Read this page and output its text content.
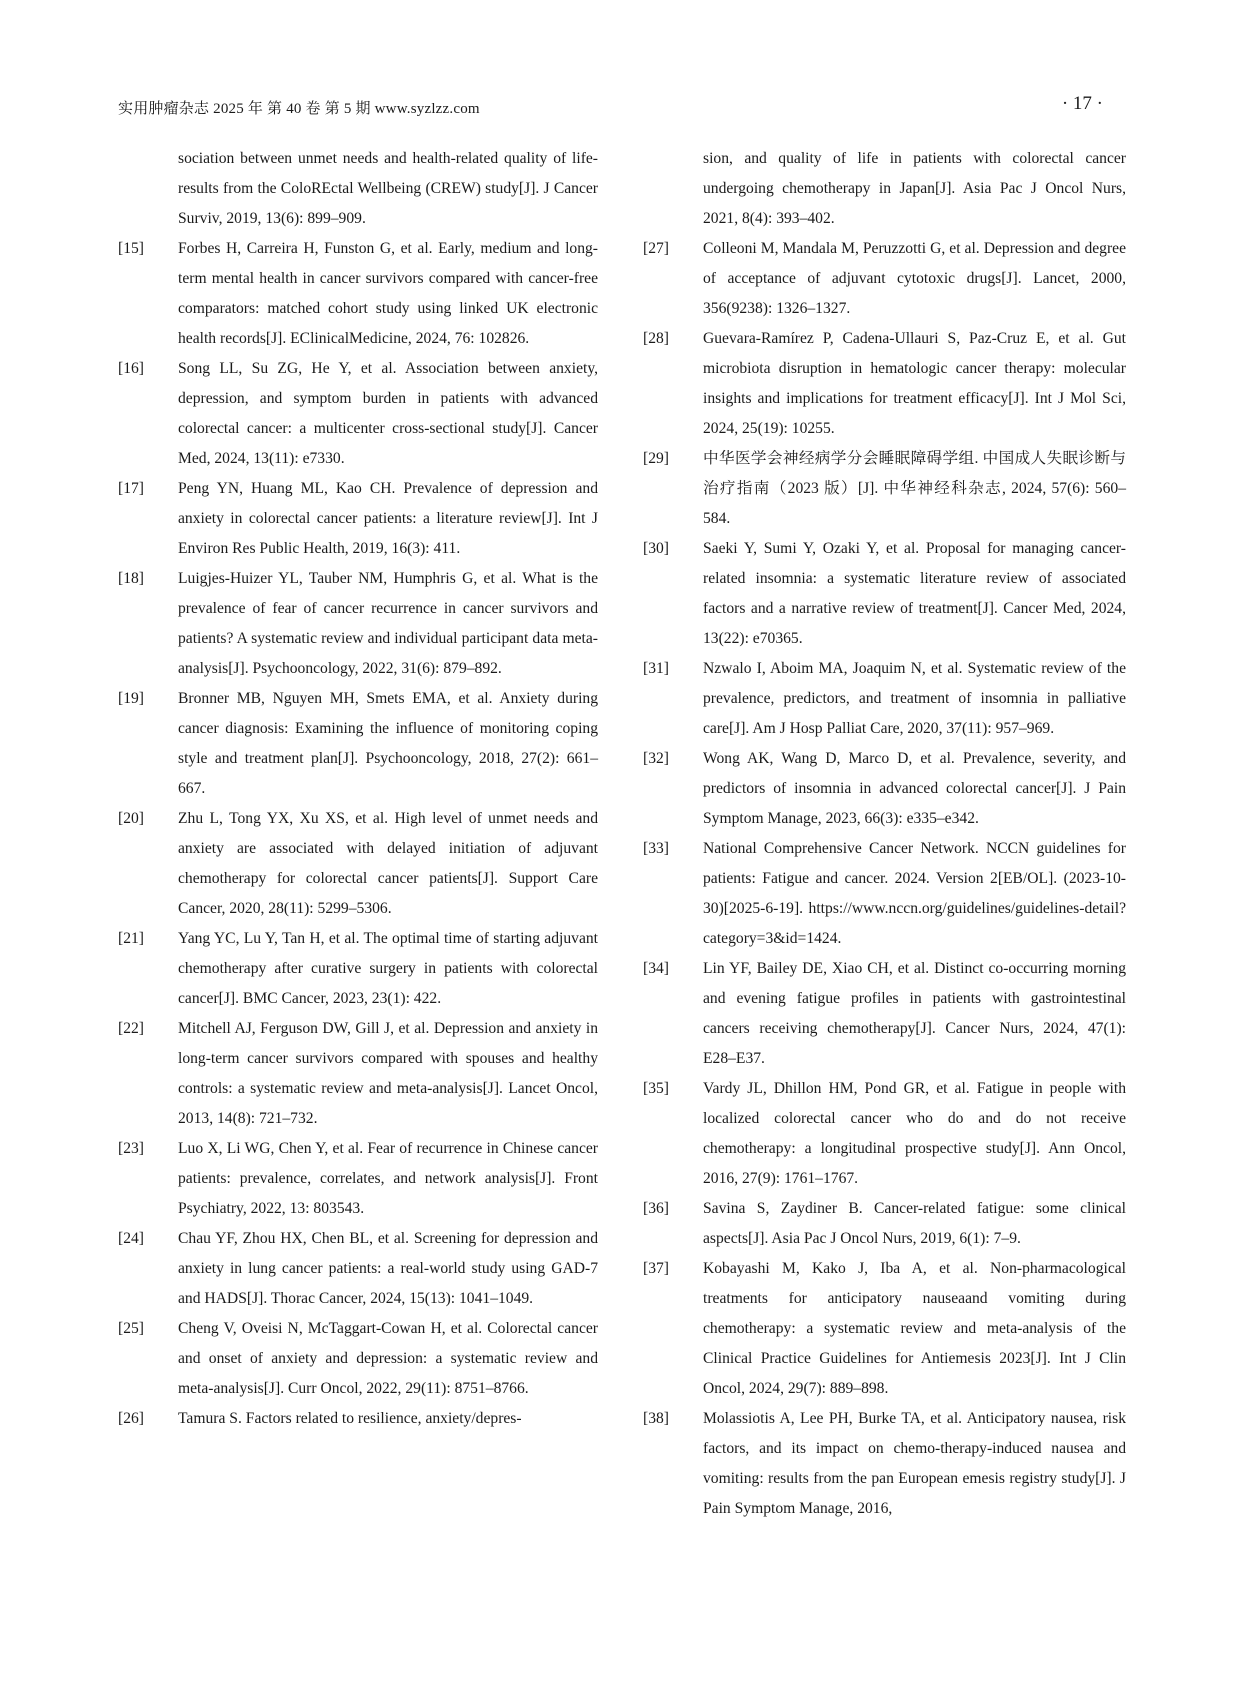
实用肿瘤杂志 2025 年 第 40 卷 第 5 期 www.syzlzz.com	· 17 ·
sociation between unmet needs and health-related quality of life-results from the ColoREctal Wellbeing (CREW) study[J]. J Cancer Surviv, 2019, 13(6): 899–909.
[15] Forbes H, Carreira H, Funston G, et al. Early, medium and long-term mental health in cancer survivors compared with cancer-free comparators: matched cohort study using linked UK electronic health records[J]. EClinicalMedicine, 2024, 76: 102826.
[16] Song LL, Su ZG, He Y, et al. Association between anxiety, depression, and symptom burden in patients with advanced colorectal cancer: a multicenter cross-sectional study[J]. Cancer Med, 2024, 13(11): e7330.
[17] Peng YN, Huang ML, Kao CH. Prevalence of depression and anxiety in colorectal cancer patients: a literature review[J]. Int J Environ Res Public Health, 2019, 16(3): 411.
[18] Luigjes-Huizer YL, Tauber NM, Humphris G, et al. What is the prevalence of fear of cancer recurrence in cancer survivors and patients? A systematic review and individual participant data meta-analysis[J]. Psychooncology, 2022, 31(6): 879–892.
[19] Bronner MB, Nguyen MH, Smets EMA, et al. Anxiety during cancer diagnosis: Examining the influence of monitoring coping style and treatment plan[J]. Psychooncology, 2018, 27(2): 661–667.
[20] Zhu L, Tong YX, Xu XS, et al. High level of unmet needs and anxiety are associated with delayed initiation of adjuvant chemotherapy for colorectal cancer patients[J]. Support Care Cancer, 2020, 28(11): 5299–5306.
[21] Yang YC, Lu Y, Tan H, et al. The optimal time of starting adjuvant chemotherapy after curative surgery in patients with colorectal cancer[J]. BMC Cancer, 2023, 23(1): 422.
[22] Mitchell AJ, Ferguson DW, Gill J, et al. Depression and anxiety in long-term cancer survivors compared with spouses and healthy controls: a systematic review and meta-analysis[J]. Lancet Oncol, 2013, 14(8): 721–732.
[23] Luo X, Li WG, Chen Y, et al. Fear of recurrence in Chinese cancer patients: prevalence, correlates, and network analysis[J]. Front Psychiatry, 2022, 13: 803543.
[24] Chau YF, Zhou HX, Chen BL, et al. Screening for depression and anxiety in lung cancer patients: a real-world study using GAD-7 and HADS[J]. Thorac Cancer, 2024, 15(13): 1041–1049.
[25] Cheng V, Oveisi N, McTaggart-Cowan H, et al. Colorectal cancer and onset of anxiety and depression: a systematic review and meta-analysis[J]. Curr Oncol, 2022, 29(11): 8751–8766.
[26] Tamura S. Factors related to resilience, anxiety/depres-
sion, and quality of life in patients with colorectal cancer undergoing chemotherapy in Japan[J]. Asia Pac J Oncol Nurs, 2021, 8(4): 393–402.
[27] Colleoni M, Mandala M, Peruzzotti G, et al. Depression and degree of acceptance of adjuvant cytotoxic drugs[J]. Lancet, 2000, 356(9238): 1326–1327.
[28] Guevara-Ramírez P, Cadena-Ullauri S, Paz-Cruz E, et al. Gut microbiota disruption in hematologic cancer therapy: molecular insights and implications for treatment efficacy[J]. Int J Mol Sci, 2024, 25(19): 10255.
[29] 中华医学会神经病学分会睡眠障碍学组. 中国成人失眠诊断与治疗指南（2023 版）[J]. 中华神经科杂志, 2024, 57(6): 560–584.
[30] Saeki Y, Sumi Y, Ozaki Y, et al. Proposal for managing cancer-related insomnia: a systematic literature review of associated factors and a narrative review of treatment[J]. Cancer Med, 2024, 13(22): e70365.
[31] Nzwalo I, Aboim MA, Joaquim N, et al. Systematic review of the prevalence, predictors, and treatment of insomnia in palliative care[J]. Am J Hosp Palliat Care, 2020, 37(11): 957–969.
[32] Wong AK, Wang D, Marco D, et al. Prevalence, severity, and predictors of insomnia in advanced colorectal cancer[J]. J Pain Symptom Manage, 2023, 66(3): e335–e342.
[33] National Comprehensive Cancer Network. NCCN guidelines for patients: Fatigue and cancer. 2024. Version 2[EB/OL]. (2023-10-30)[2025-6-19]. https://www.nccn.org/guidelines/guidelines-detail?category=3&id=1424.
[34] Lin YF, Bailey DE, Xiao CH, et al. Distinct co-occurring morning and evening fatigue profiles in patients with gastrointestinal cancers receiving chemotherapy[J]. Cancer Nurs, 2024, 47(1): E28–E37.
[35] Vardy JL, Dhillon HM, Pond GR, et al. Fatigue in people with localized colorectal cancer who do and do not receive chemotherapy: a longitudinal prospective study[J]. Ann Oncol, 2016, 27(9): 1761–1767.
[36] Savina S, Zaydiner B. Cancer-related fatigue: some clinical aspects[J]. Asia Pac J Oncol Nurs, 2019, 6(1): 7–9.
[37] Kobayashi M, Kako J, Iba A, et al. Non-pharmacological treatments for anticipatory nauseaand vomiting during chemotherapy: a systematic review and meta-analysis of the Clinical Practice Guidelines for Antiemesis 2023[J]. Int J Clin Oncol, 2024, 29(7): 889–898.
[38] Molassiotis A, Lee PH, Burke TA, et al. Anticipatory nausea, risk factors, and its impact on chemo-therapy-induced nausea and vomiting: results from the pan European emesis registry study[J]. J Pain Symptom Manage, 2016,
